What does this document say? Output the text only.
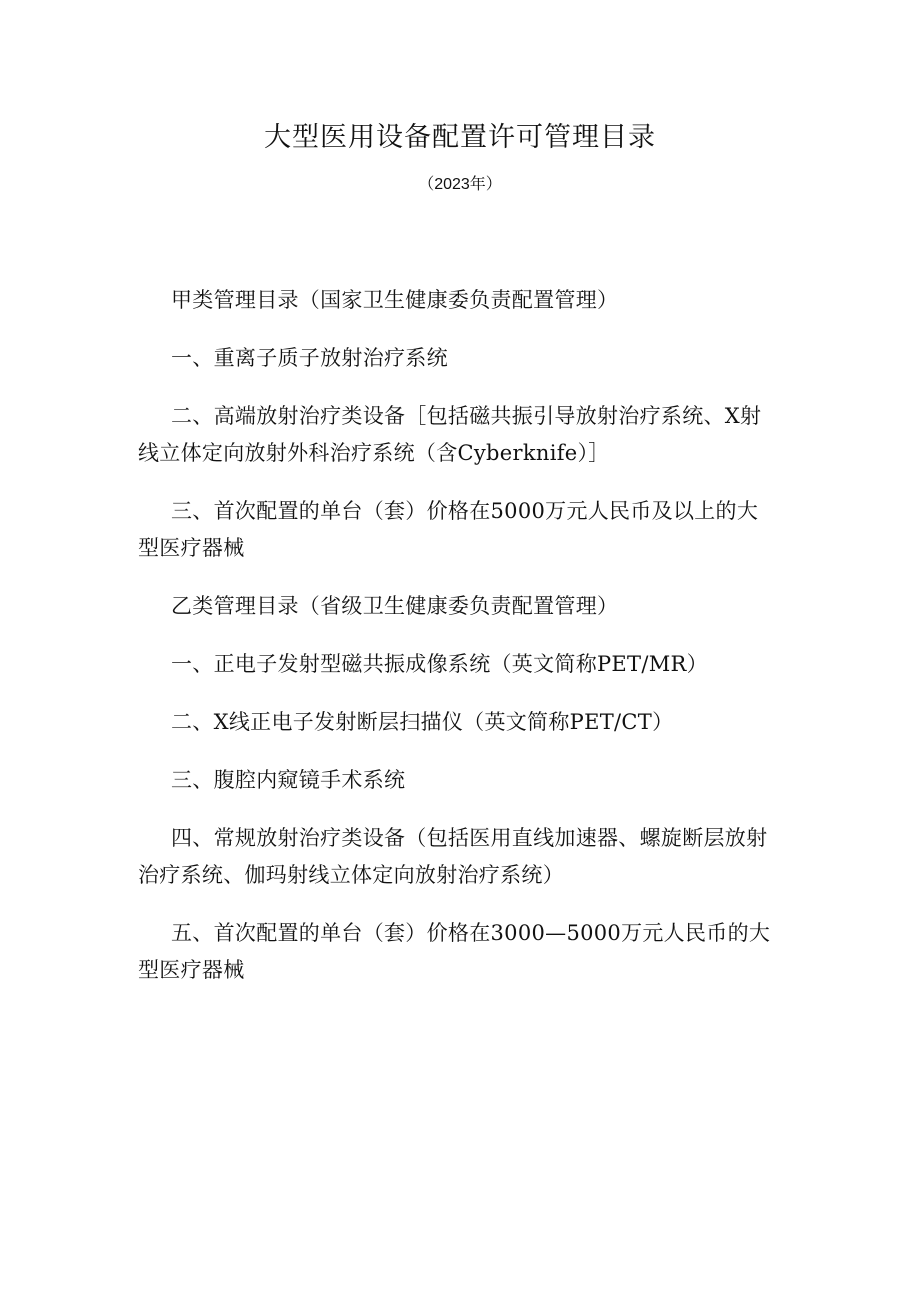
大型医用设备配置许可管理目录
（2023年）

甲类管理目录（国家卫生健康委负责配置管理）

一、重离子质子放射治疗系统

二、高端放射治疗类设备［包括磁共振引导放射治疗系统、X射线立体定向放射外科治疗系统（含Cyberknife）］

三、首次配置的单台（套）价格在5000万元人民币及以上的大型医疗器械

乙类管理目录（省级卫生健康委负责配置管理）

一、正电子发射型磁共振成像系统（英文简称PET/MR）

二、X线正电子发射断层扫描仪（英文简称PET/CT）

三、腹腔内窥镜手术系统

四、常规放射治疗类设备（包括医用直线加速器、螺旋断层放射治疗系统、伽玛射线立体定向放射治疗系统）

五、首次配置的单台（套）价格在3000—5000万元人民币的大型医疗器械
